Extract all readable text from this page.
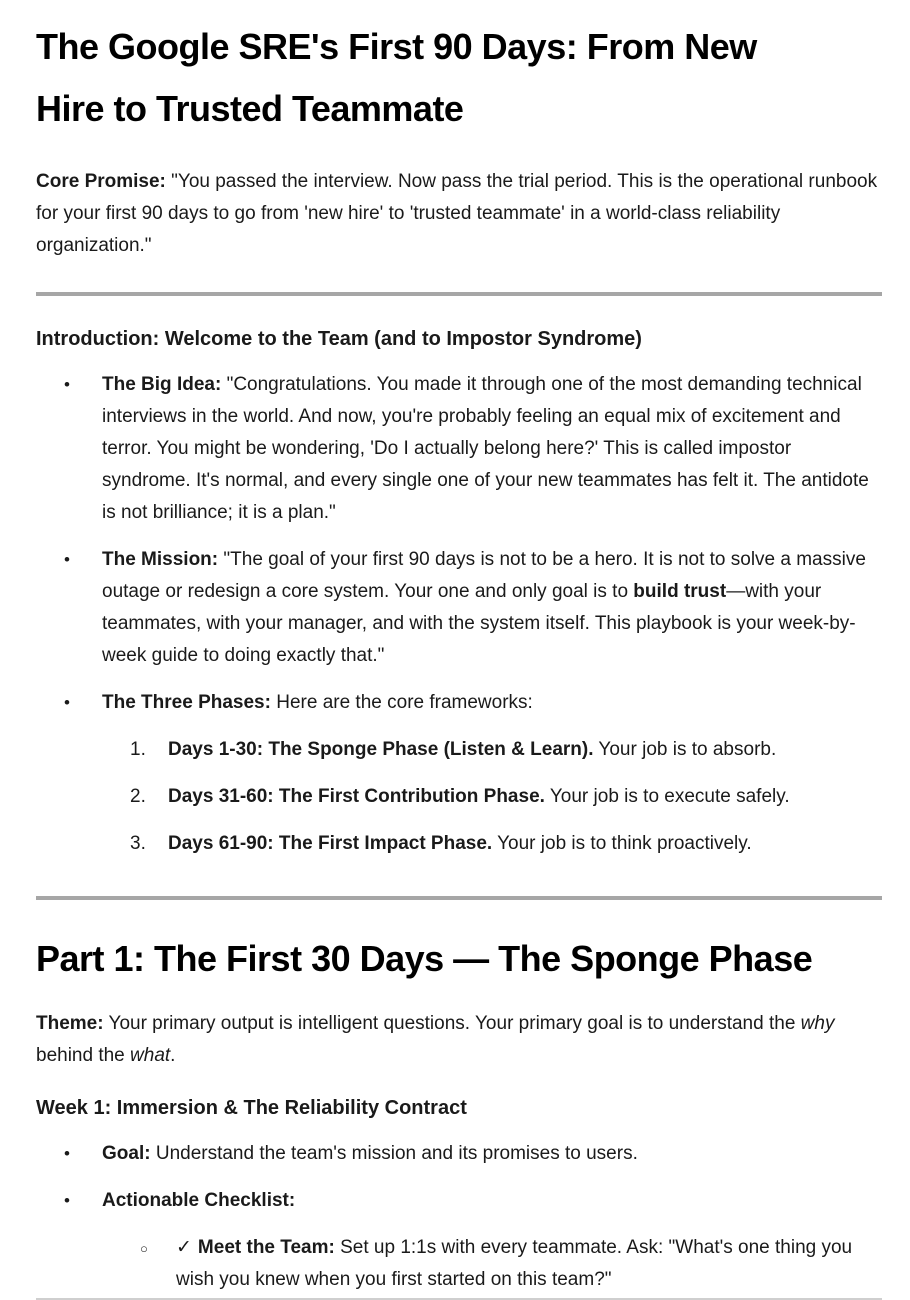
The Google SRE's First 90 Days: From New
Hire to Trusted Teammate

Core Promise: "You passed the interview. Now pass the trial period. This is the operational runbook for your first 90 days to go from 'new hire' to 'trusted teammate' in a world-class reliability organization."

Introduction: Welcome to the Team (and to Impostor Syndrome)
• The Big Idea: "Congratulations. You made it through one of the most demanding technical interviews in the world. And now, you're probably feeling an equal mix of excitement and terror. You might be wondering, 'Do I actually belong here?' This is called impostor syndrome. It's normal, and every single one of your new teammates has felt it. The antidote is not brilliance; it is a plan."
• The Mission: "The goal of your first 90 days is not to be a hero. It is not to solve a massive outage or redesign a core system. Your one and only goal is to build trust—with your teammates, with your manager, and with the system itself. This playbook is your week-by-week guide to doing exactly that."
• The Three Phases: Here are the core frameworks:
1. Days 1-30: The Sponge Phase (Listen & Learn). Your job is to absorb.
2. Days 31-60: The First Contribution Phase. Your job is to execute safely.
3. Days 61-90: The First Impact Phase. Your job is to think proactively.
Part 1: The First 30 Days — The Sponge Phase

Theme: Your primary output is intelligent questions. Your primary goal is to understand the why behind the what.

Week 1: Immersion & The Reliability Contract
• Goal: Understand the team's mission and its promises to users.
• Actionable Checklist:
○ ✓ Meet the Team: Set up 1:1s with every teammate. Ask: "What's one thing you wish you knew when you first started on this team?"
